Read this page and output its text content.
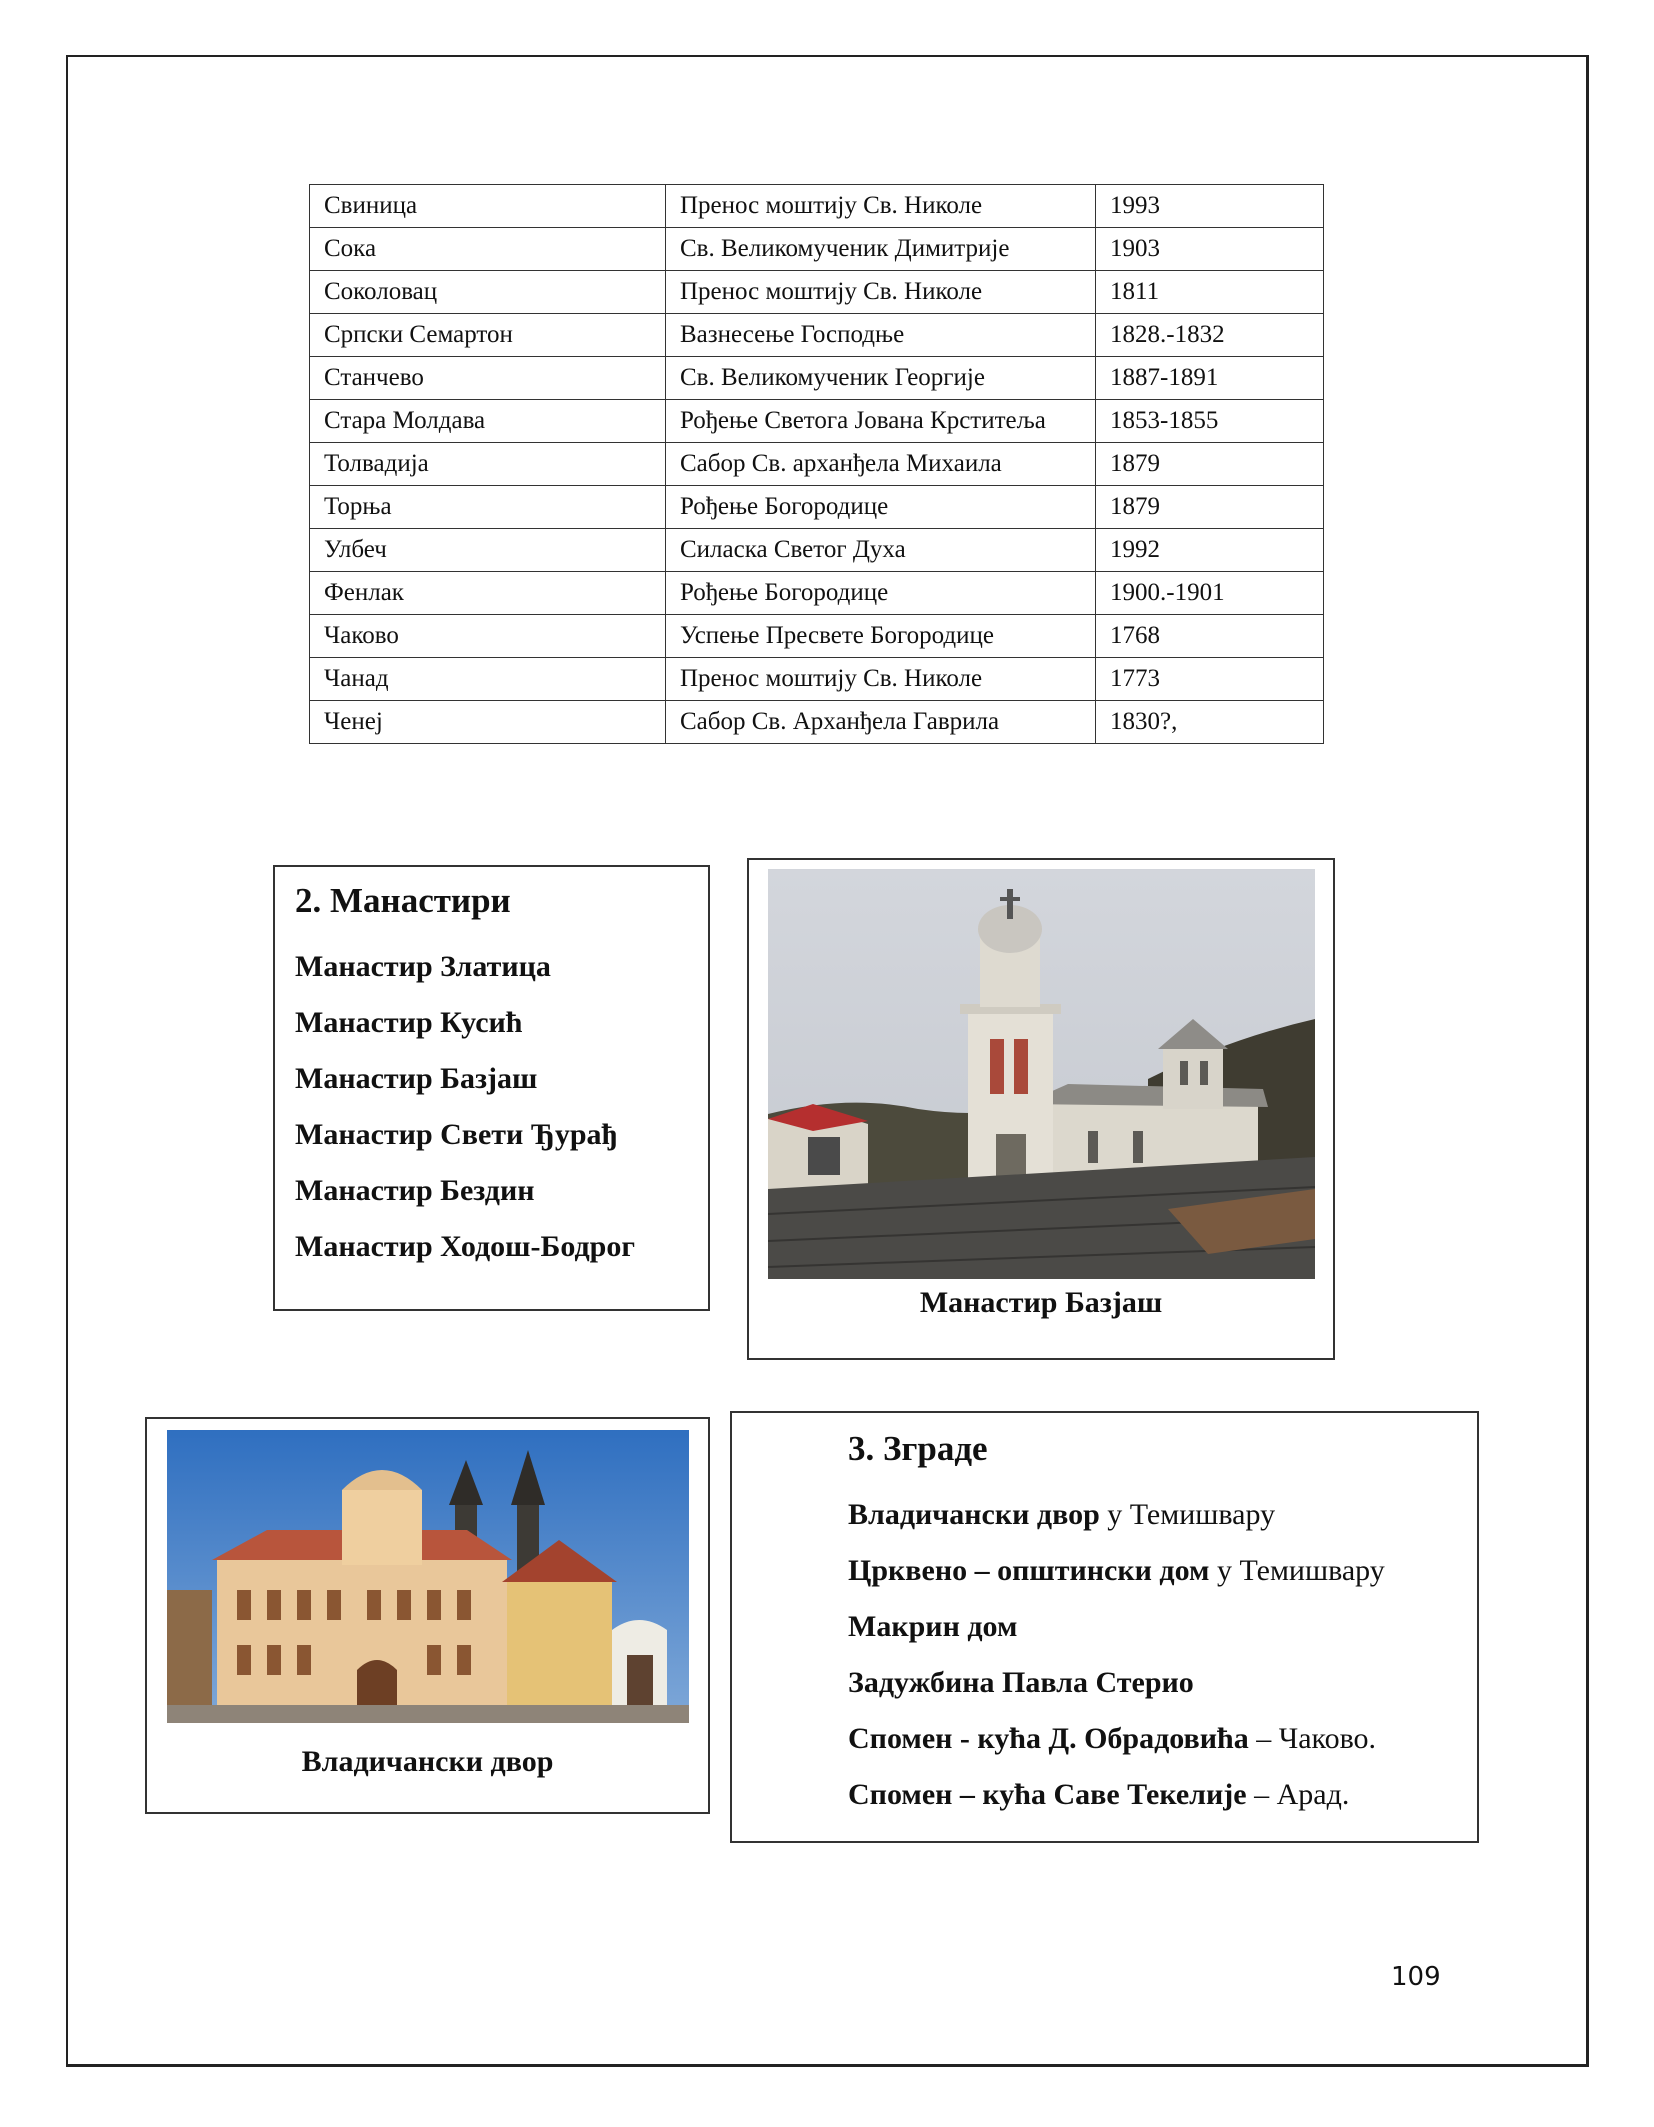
Свиница	Пренос моштију Св. Николе	1993
Сока	Св. Великомученик Димитрије	1903
Соколовац	Пренос моштију Св. Николе	1811
Српски Семартон	Вазнесење Господње	1828.-1832
Станчево	Св. Великомученик Георгије	1887-1891
Стара Молдава	Рођење Светога Јована Крститеља	1853-1855
Толвадија	Сабор Св. арханђела Михаила	1879
Торња	Рођење Богородице	1879
Улбеч	Силаска Светог Духа	1992
Фенлак	Рођење Богородице	1900.-1901
Чаково	Успење Пресвете Богородице	1768
Чанад	Пренос моштију Св. Николе	1773
Ченеј	Сабор Св. Арханђела Гаврила	1830?,
2. Манастири
Манастир Златица
Манастир Кусић
Манастир Базјаш
Манастир Свети Ђурађ
Манастир Бездин
Манастир Ходош-Бодрог
Манастир Базјаш
Владичански двор
3. Зграде
Владичански двор у Темишвару
Црквено – општински дом у Темишвару
Макрин дом
Задужбина Павла Стерио
Спомен - кућа Д. Обрадовића – Чаково.
Спомен – кућа Саве Текелије – Арад.
109
